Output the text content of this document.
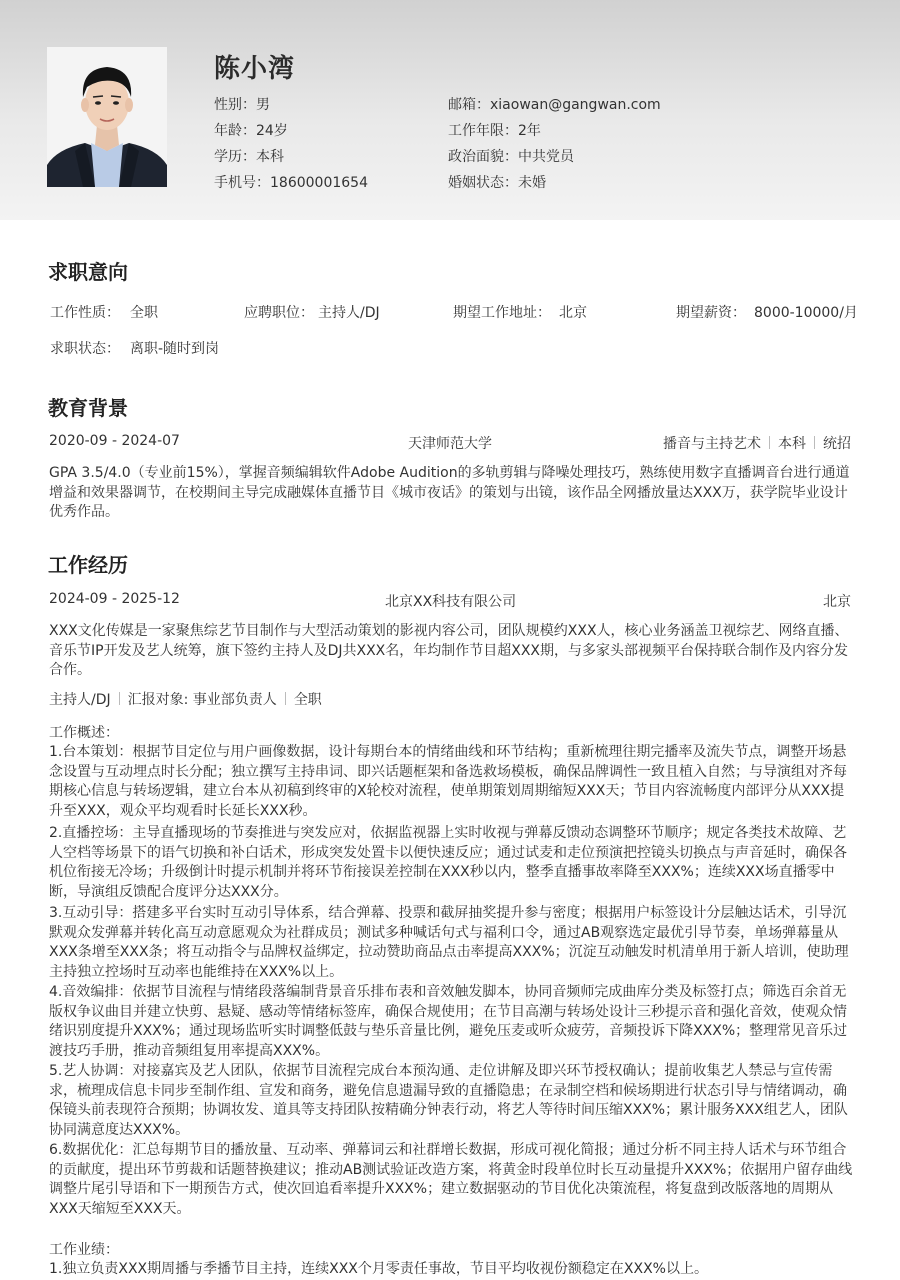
陈小湾
性别：男
年龄：24岁
学历：本科
手机号：18600001654
邮箱：xiaowan@gangwan.com
工作年限：2年
政治面貌：中共党员
婚姻状态：未婚
求职意向
工作性质： 全职	应聘职位： 主持人/DJ	期望工作地址： 北京	期望薪资： 8000-10000/月
求职状态： 离职-随时到岗
教育背景
2020-09 - 2024-07	天津师范大学	播音与主持艺术 本科 统招
GPA 3.5/4.0（专业前15%），掌握音频编辑软件Adobe Audition的多轨剪辑与降噪处理技巧，熟练使用数字直播调音台进行通道增益和效果器调节，在校期间主导完成融媒体直播节目《城市夜话》的策划与出镜，该作品全网播放量达XXX万，获学院毕业设计优秀作品。
工作经历
2024-09 - 2025-12	北京XX科技有限公司	北京
XXX文化传媒是一家聚焦综艺节目制作与大型活动策划的影视内容公司，团队规模约XXX人，核心业务涵盖卫视综艺、网络直播、音乐节IP开发及艺人统筹，旗下签约主持人及DJ共XXX名，年均制作节目超XXX期，与多家头部视频平台保持联合制作及内容分发合作。
主持人/DJ 汇报对象: 事业部负责人 全职
工作概述：
1.台本策划：根据节目定位与用户画像数据，设计每期台本的情绪曲线和环节结构；重新梳理往期完播率及流失节点，调整开场悬念设置与互动埋点时长分配；独立撰写主持串词、即兴话题框架和备选救场模板，确保品牌调性一致且植入自然；与导演组对齐每期核心信息与转场逻辑，建立台本从初稿到终审的X轮校对流程，使单期策划周期缩短XXX天；节目内容流畅度内部评分从XXX提升至XXX，观众平均观看时长延长XXX秒。
2.直播控场：主导直播现场的节奏推进与突发应对，依据监视器上实时收视与弹幕反馈动态调整环节顺序；规定各类技术故障、艺人空档等场景下的语气切换和补白话术，形成突发处置卡以便快速反应；通过试麦和走位预演把控镜头切换点与声音延时，确保各机位衔接无冷场；升级倒计时提示机制并将环节衔接误差控制在XXX秒以内，整季直播事故率降至XXX%；连续XXX场直播零中断，导演组反馈配合度评分达XXX分。
3.互动引导：搭建多平台实时互动引导体系，结合弹幕、投票和截屏抽奖提升参与密度；根据用户标签设计分层触达话术，引导沉默观众发弹幕并转化高互动意愿观众为社群成员；测试多种喊话句式与福利口令，通过AB观察选定最优引导节奏，单场弹幕量从XXX条增至XXX条；将互动指令与品牌权益绑定，拉动赞助商品点击率提高XXX%；沉淀互动触发时机清单用于新人培训，使助理主持独立控场时互动率也能维持在XXX%以上。
4.音效编排：依据节目流程与情绪段落编制背景音乐排布表和音效触发脚本，协同音频师完成曲库分类及标签打点；筛选百余首无版权争议曲目并建立快剪、悬疑、感动等情绪标签库，确保合规使用；在节目高潮与转场处设计三秒提示音和强化音效，使观众情绪识别度提升XXX%；通过现场监听实时调整低鼓与垫乐音量比例，避免压麦或听众疲劳，音频投诉下降XXX%；整理常见音乐过渡技巧手册，推动音频组复用率提高XXX%。
5.艺人协调：对接嘉宾及艺人团队，依据节目流程完成台本预沟通、走位讲解及即兴环节授权确认；提前收集艺人禁忌与宣传需求，梳理成信息卡同步至制作组、宣发和商务，避免信息遗漏导致的直播隐患；在录制空档和候场期进行状态引导与情绪调动，确保镜头前表现符合预期；协调妆发、道具等支持团队按精确分钟表行动，将艺人等待时间压缩XXX%；累计服务XXX组艺人，团队协同满意度达XXX%。
6.数据优化：汇总每期节目的播放量、互动率、弹幕词云和社群增长数据，形成可视化简报；通过分析不同主持人话术与环节组合的贡献度，提出环节剪裁和话题替换建议；推动AB测试验证改造方案，将黄金时段单位时长互动量提升XXX%；依据用户留存曲线调整片尾引导语和下一期预告方式，使次回追看率提升XXX%；建立数据驱动的节目优化决策流程，将复盘到改版落地的周期从XXX天缩短至XXX天。
工作业绩：
1.独立负责XXX期周播与季播节目主持，连续XXX个月零责任事故，节目平均收视份额稳定在XXX%以上。
